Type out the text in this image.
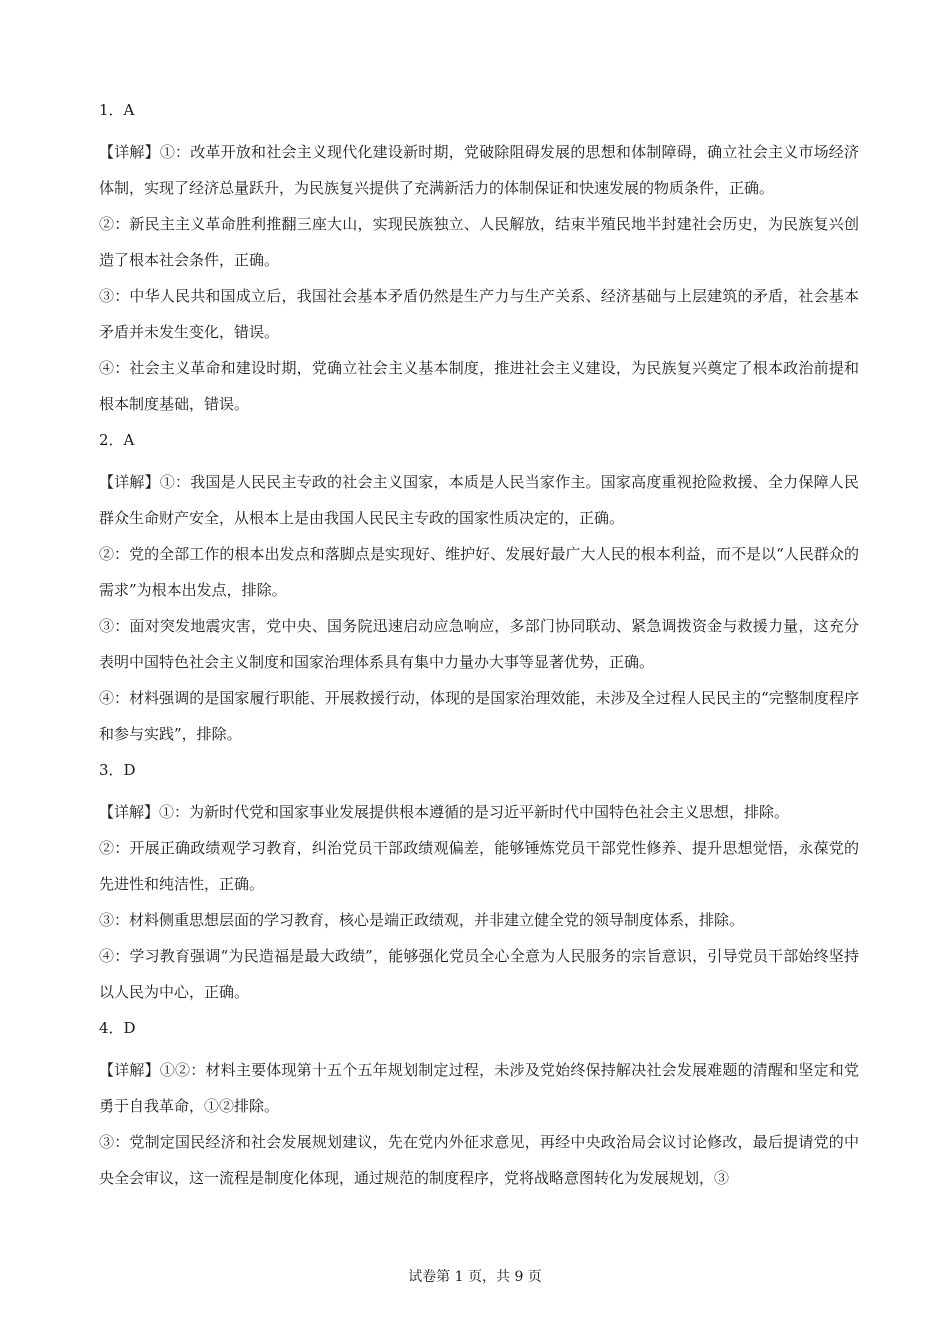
1．A

【详解】①：改革开放和社会主义现代化建设新时期，党破除阻碍发展的思想和体制障碍，确立社会主义市场经济体制，实现了经济总量跃升，为民族复兴提供了充满新活力的体制保证和快速发展的物质条件，正确。

②：新民主主义革命胜利推翻三座大山，实现民族独立、人民解放，结束半殖民地半封建社会历史，为民族复兴创造了根本社会条件，正确。

③：中华人民共和国成立后，我国社会基本矛盾仍然是生产力与生产关系、经济基础与上层建筑的矛盾，社会基本矛盾并未发生变化，错误。

④：社会主义革命和建设时期，党确立社会主义基本制度，推进社会主义建设，为民族复兴奠定了根本政治前提和根本制度基础，错误。

2．A

【详解】①：我国是人民民主专政的社会主义国家，本质是人民当家作主。国家高度重视抢险救援、全力保障人民群众生命财产安全，从根本上是由我国人民民主专政的国家性质决定的，正确。

②：党的全部工作的根本出发点和落脚点是实现好、维护好、发展好最广大人民的根本利益，而不是以“人民群众的需求”为根本出发点，排除。

③：面对突发地震灾害，党中央、国务院迅速启动应急响应，多部门协同联动、紧急调拨资金与救援力量，这充分表明中国特色社会主义制度和国家治理体系具有集中力量办大事等显著优势，正确。

④：材料强调的是国家履行职能、开展救援行动，体现的是国家治理效能，未涉及全过程人民民主的“完整制度程序和参与实践”，排除。

3．D

【详解】①：为新时代党和国家事业发展提供根本遵循的是习近平新时代中国特色社会主义思想，排除。

②：开展正确政绩观学习教育，纠治党员干部政绩观偏差，能够锤炼党员干部党性修养、提升思想觉悟，永葆党的先进性和纯洁性，正确。

③：材料侧重思想层面的学习教育，核心是端正政绩观，并非建立健全党的领导制度体系，排除。

④：学习教育强调“为民造福是最大政绩”，能够强化党员全心全意为人民服务的宗旨意识，引导党员干部始终坚持以人民为中心，正确。

4．D

【详解】①②：材料主要体现第十五个五年规划制定过程，未涉及党始终保持解决社会发展难题的清醒和坚定和党勇于自我革命，①②排除。

③：党制定国民经济和社会发展规划建议，先在党内外征求意见，再经中央政治局会议讨论修改，最后提请党的中央全会审议，这一流程是制度化体现，通过规范的制度程序，党将战略意图转化为发展规划，③

试卷第 1 页，共 9 页
